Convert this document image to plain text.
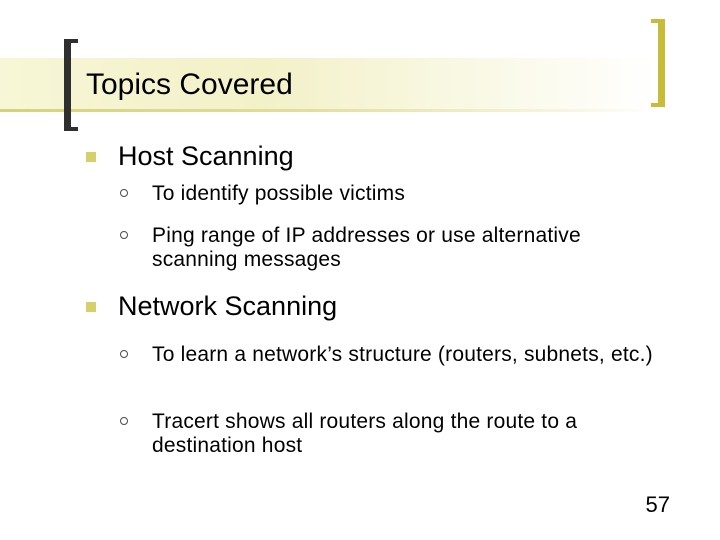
Topics Covered
Host Scanning
To identify possible victims
Ping range of IP addresses or use alternative scanning messages
Network Scanning
To learn a network’s structure (routers, subnets, etc.)
Tracert shows all routers along the route to a destination host
57
